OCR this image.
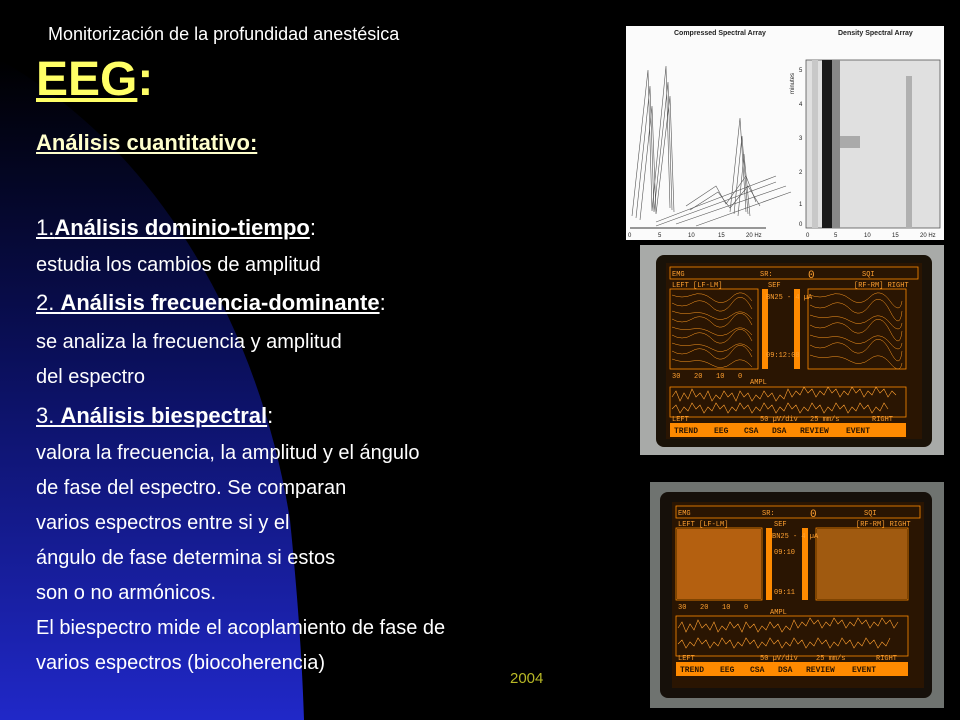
Monitorización de la profundidad anestésica
EEG:
Análisis cuantitativo:
1.Análisis dominio-tiempo:
estudia los cambios de amplitud
2. Análisis frecuencia-dominante:
se analiza la frecuencia y amplitud
del espectro
3. Análisis biespectral:
valora la frecuencia, la amplitud y el ángulo
de fase del espectro. Se comparan
varios espectros entre si y el
ángulo de fase determina si estos
son o no armónicos.
El biespectro mide el acoplamiento de fase de
varios espectros (biocoherencia)
2004
Compressed Spectral Array
0	5	10	15	20 Hz
Density Spectral Array
minutes
5
4
3
2
1
0
0	5	10	15	20 Hz
EMG	SR:	0	SQI
LEFT [LF-LM]	SEF	[RF-RM] RIGHT
BN25 - 4 µA
09:12:08
30 20 10 0
AMPL
LEFT	50 µV/div 25 mm/s	RIGHT
TREND EEG CSA DSA REVIEW EVENT
EMG	SR:	0	SQI
LEFT [LF-LM]	SEF	[RF-RM] RIGHT
BN25 - 4 µA
09:10
09:11
30 20 10 0
AMPL
LEFT	50 µV/div	25 mm/s	RIGHT
TREND EEG CSA DSA REVIEW EVENT
